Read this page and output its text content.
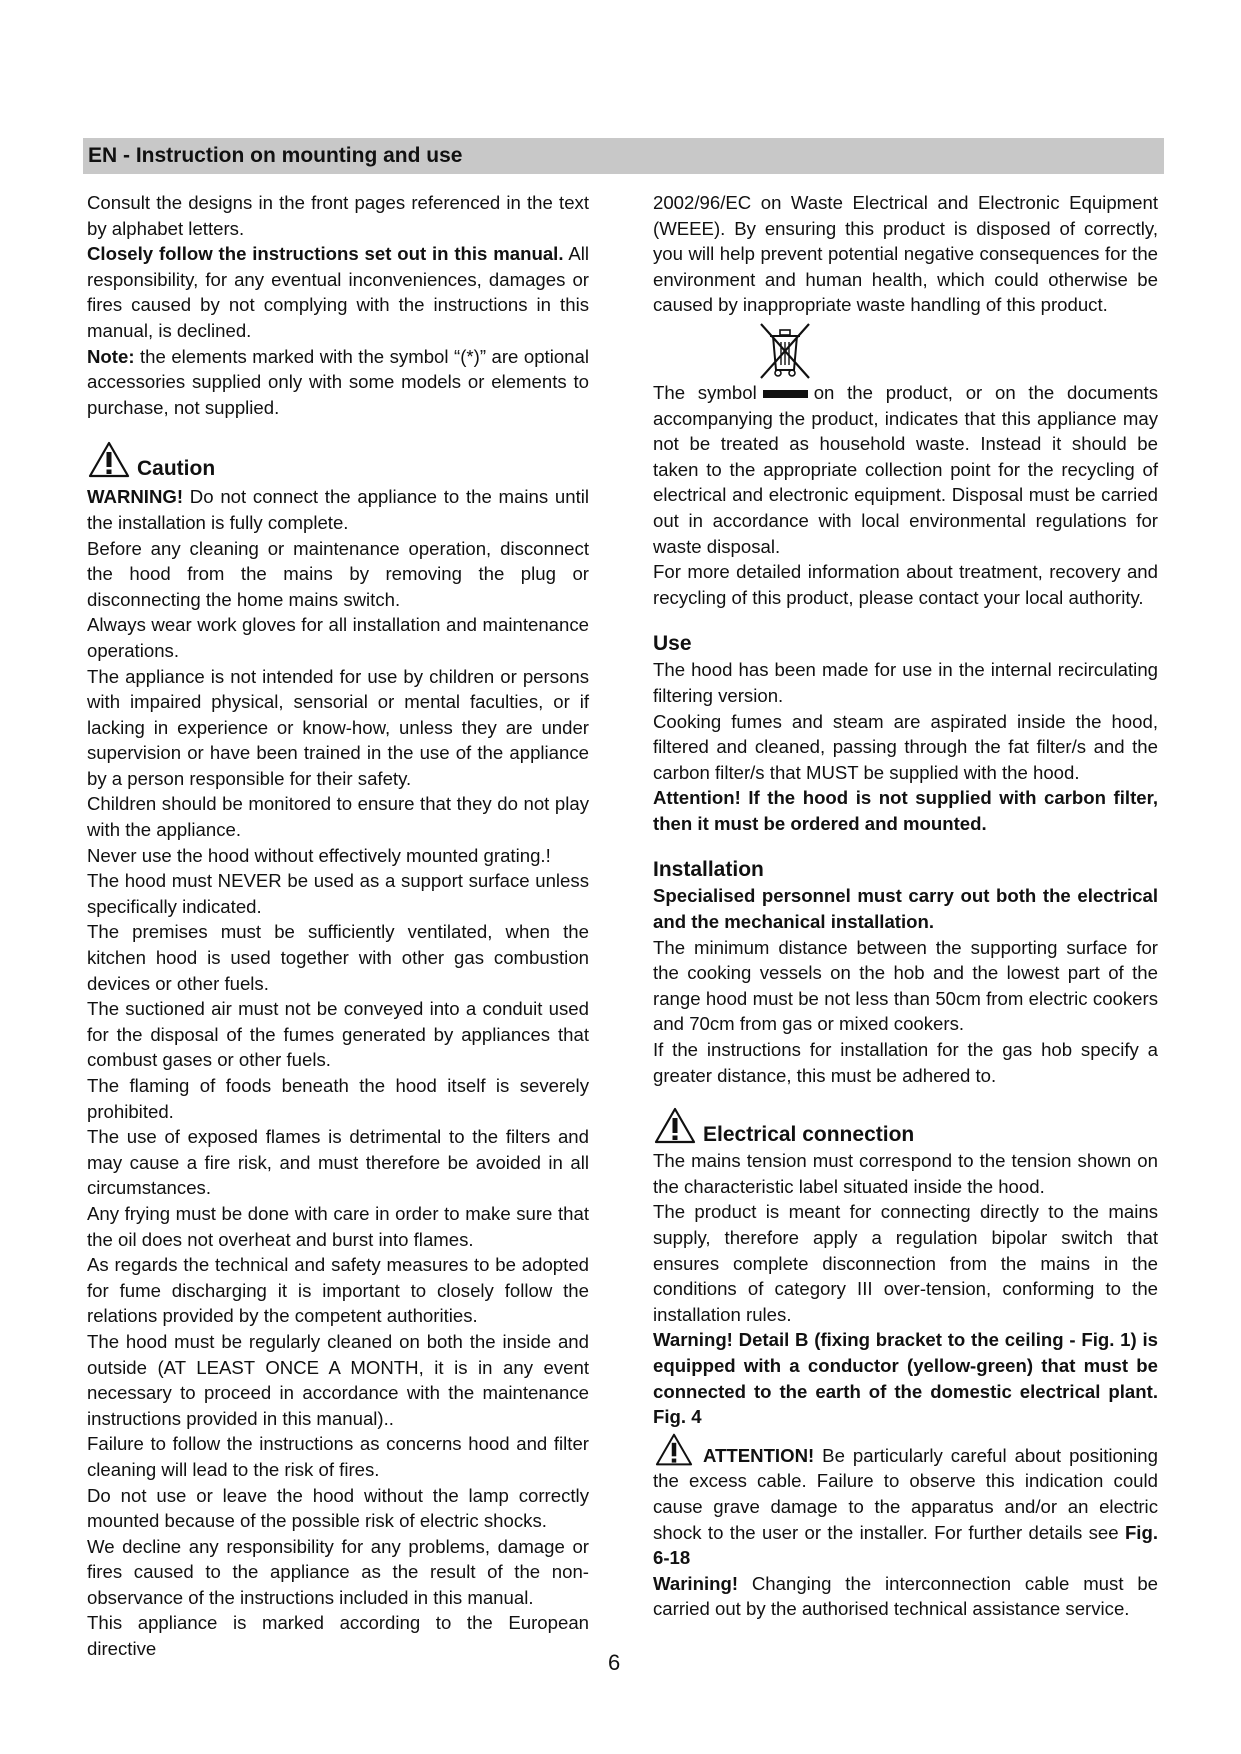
EN - Instruction on mounting and use

Consult the designs in the front pages referenced in the text by alphabet letters.

Closely follow the instructions set out in this manual. All responsibility, for any eventual inconveniences, damages or fires caused by not complying with the instructions in this manual, is declined.

Note: the elements marked with the symbol “(*)” are optional accessories supplied only with some models or elements to purchase, not supplied.

Caution

WARNING! Do not connect the appliance to the mains until the installation is fully complete.

Before any cleaning or maintenance operation, disconnect the hood from the mains by removing the plug or disconnecting the home mains switch.

Always wear work gloves for all installation and maintenance operations.

The appliance is not intended for use by children or persons with impaired physical, sensorial or mental faculties, or if lacking in experience or know-how, unless they are under supervision or have been trained in the use of the appliance by a person responsible for their safety.

Children should be monitored to ensure that they do not play with the appliance.

Never use the hood without effectively mounted grating.!

The hood must NEVER be used as a support surface unless specifically indicated.

The premises must be sufficiently ventilated, when the kitchen hood is used together with other gas combustion devices or other fuels.

The suctioned air must not be conveyed into a conduit used for the disposal of the fumes generated by appliances that combust gases or other fuels.

The flaming of foods beneath the hood itself is severely prohibited.

The use of exposed flames is detrimental to the filters and may cause a fire risk, and must therefore be avoided in all circumstances.

Any frying must be done with care in order to make sure that the oil does not overheat and burst into flames.

As regards the technical and safety measures to be adopted for fume discharging it is important to closely follow the relations provided by the competent authorities.

The hood must be regularly cleaned on both the inside and outside (AT LEAST ONCE A MONTH, it is in any event necessary to proceed in accordance with the maintenance instructions provided in this manual)..

Failure to follow the instructions as concerns hood and filter cleaning will lead to the risk of fires.

Do not use or leave the hood without the lamp correctly mounted because of the possible risk of electric shocks.

We decline any responsibility for any problems, damage or fires caused to the appliance as the result of the non-observance of the instructions included in this manual.

This appliance is marked according to the European directive

2002/96/EC on Waste Electrical and Electronic Equipment (WEEE). By ensuring this product is disposed of correctly, you will help prevent potential negative consequences for the environment and human health, which could otherwise be caused by inappropriate waste handling of this product.

The symbol	on the product, or on the documents accompanying the product, indicates that this appliance may not be treated as household waste. Instead it should be taken to the appropriate collection point for the recycling of electrical and electronic equipment. Disposal must be carried out in accordance with local environmental regulations for waste disposal.

For more detailed information about treatment, recovery and recycling of this product, please contact your local authority.

Use

The hood has been made for use in the internal recirculating filtering version.

Cooking fumes and steam are aspirated inside the hood, filtered and cleaned, passing through the fat filter/s and the carbon filter/s that MUST be supplied with the hood.

Attention! If the hood is not supplied with carbon filter, then it must be ordered and mounted.

Installation

Specialised personnel must carry out both the electrical and the mechanical installation.

The minimum distance between the supporting surface for the cooking vessels on the hob and the lowest part of the range hood must be not less than 50cm from electric cookers and 70cm from gas or mixed cookers.

If the instructions for installation for the gas hob specify a greater distance, this must be adhered to.

Electrical connection

The mains tension must correspond to the tension shown on the characteristic label situated inside the hood.

The product is meant for connecting directly to the mains supply, therefore apply a regulation bipolar switch that ensures complete disconnection from the mains in the conditions of category III over-tension, conforming to the installation rules.

Warning! Detail B (fixing bracket to the ceiling - Fig. 1) is equipped with a conductor (yellow-green) that must be connected to the earth of the domestic electrical plant. Fig. 4

ATTENTION! Be particularly careful about positioning the excess cable. Failure to observe this indication could cause grave damage to the apparatus and/or an electric shock to the user or the installer. For further details see Fig. 6-18

Warining! Changing the interconnection cable must be carried out by the authorised technical assistance service.

6
